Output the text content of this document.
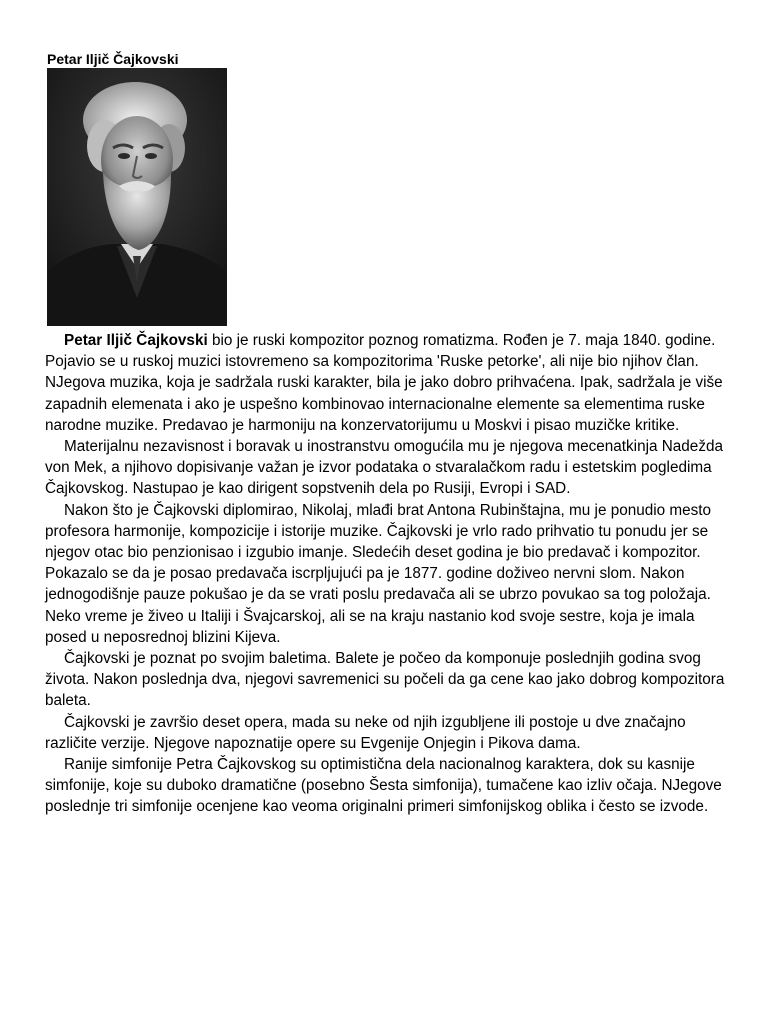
Petar Iljič Čajkovski

Petar Iljič Čajkovski bio je ruski kompozitor poznog romatizma. Rođen je 7. maja 1840. godine. Pojavio se u ruskoj muzici istovremeno sa kompozitorima 'Ruske petorke', ali nije bio njihov član. NJegova muzika, koja je sadržala ruski karakter, bila je jako dobro prihvaćena. Ipak, sadržala je više zapadnih elemenata i ako je uspešno kombinovao internacionalne elemente sa elementima ruske narodne muzike. Predavao je harmoniju na konzervatorijumu u Moskvi i pisao muzičke kritike.

Materijalnu nezavisnost i boravak u inostranstvu omogućila mu je njegova mecenatkinja Nadežda von Mek, a njihovo dopisivanje važan je izvor podataka o stvaralačkom radu i estetskim pogledima Čajkovskog. Nastupao je kao dirigent sopstvenih dela po Rusiji, Evropi i SAD.

Nakon što je Čajkovski diplomirao, Nikolaj, mlađi brat Antona Rubinštajna, mu je ponudio mesto profesora harmonije, kompozicije i istorije muzike. Čajkovski je vrlo rado prihvatio tu ponudu jer se njegov otac bio penzionisao i izgubio imanje. Sledećih deset godina je bio predavač i kompozitor. Pokazalo se da je posao predavača iscrpljujući pa je 1877. godine doživeo nervni slom. Nakon jednogodišnje pauze pokušao je da se vrati poslu predavača ali se ubrzo povukao sa tog položaja. Neko vreme je živeo u Italiji i Švajcarskoj, ali se na kraju nastanio kod svoje sestre, koja je imala posed u neposrednoj blizini Kijeva.

Čajkovski je poznat po svojim baletima. Balete je počeo da komponuje poslednjih godina svog života. Nakon poslednja dva, njegovi savremenici su počeli da ga cene kao jako dobrog kompozitora baleta.

Čajkovski je završio deset opera, mada su neke od njih izgubljene ili postoje u dve značajno različite verzije. Njegove napoznatije opere su Evgenije Onjegin i Pikova dama.

Ranije simfonije Petra Čajkovskog su optimistična dela nacionalnog karaktera, dok su kasnije simfonije, koje su duboko dramatične (posebno Šesta simfonija), tumačene kao izliv očaja. NJegove poslednje tri simfonije ocenjene kao veoma originalni primeri simfonijskog oblika i često se izvode.
